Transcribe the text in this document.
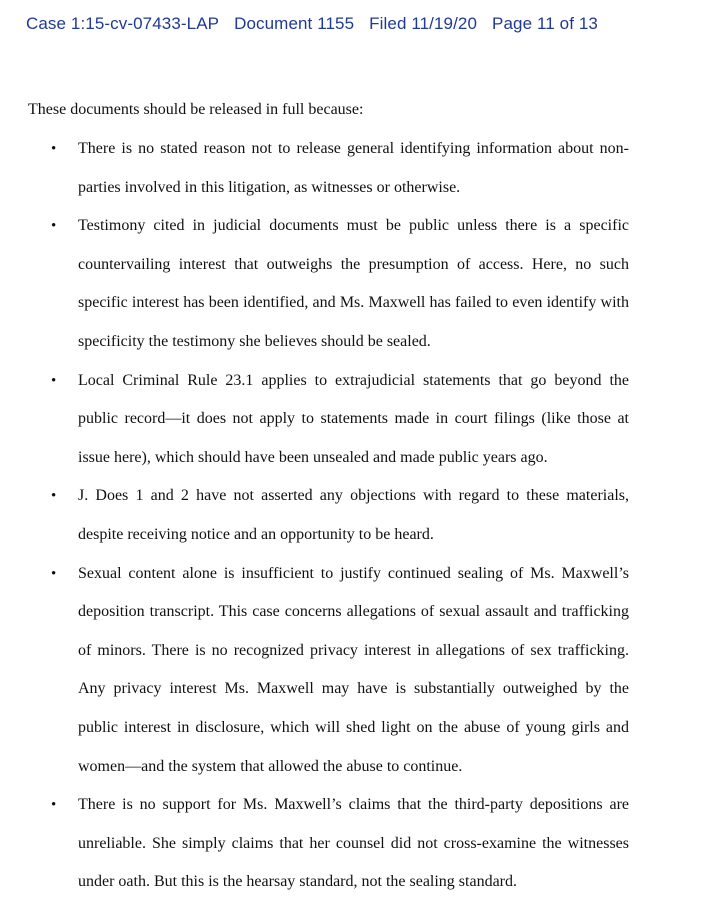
Case 1:15-cv-07433-LAP Document 1155 Filed 11/19/20 Page 11 of 13
These documents should be released in full because:
• There is no stated reason not to release general identifying information about non-parties involved in this litigation, as witnesses or otherwise.
• Testimony cited in judicial documents must be public unless there is a specific countervailing interest that outweighs the presumption of access. Here, no such specific interest has been identified, and Ms. Maxwell has failed to even identify with specificity the testimony she believes should be sealed.
• Local Criminal Rule 23.1 applies to extrajudicial statements that go beyond the public record—it does not apply to statements made in court filings (like those at issue here), which should have been unsealed and made public years ago.
• J. Does 1 and 2 have not asserted any objections with regard to these materials, despite receiving notice and an opportunity to be heard.
• Sexual content alone is insufficient to justify continued sealing of Ms. Maxwell’s deposition transcript. This case concerns allegations of sexual assault and trafficking of minors. There is no recognized privacy interest in allegations of sex trafficking. Any privacy interest Ms. Maxwell may have is substantially outweighed by the public interest in disclosure, which will shed light on the abuse of young girls and women—and the system that allowed the abuse to continue.
• There is no support for Ms. Maxwell’s claims that the third-party depositions are unreliable. She simply claims that her counsel did not cross-examine the witnesses under oath. But this is the hearsay standard, not the sealing standard.
